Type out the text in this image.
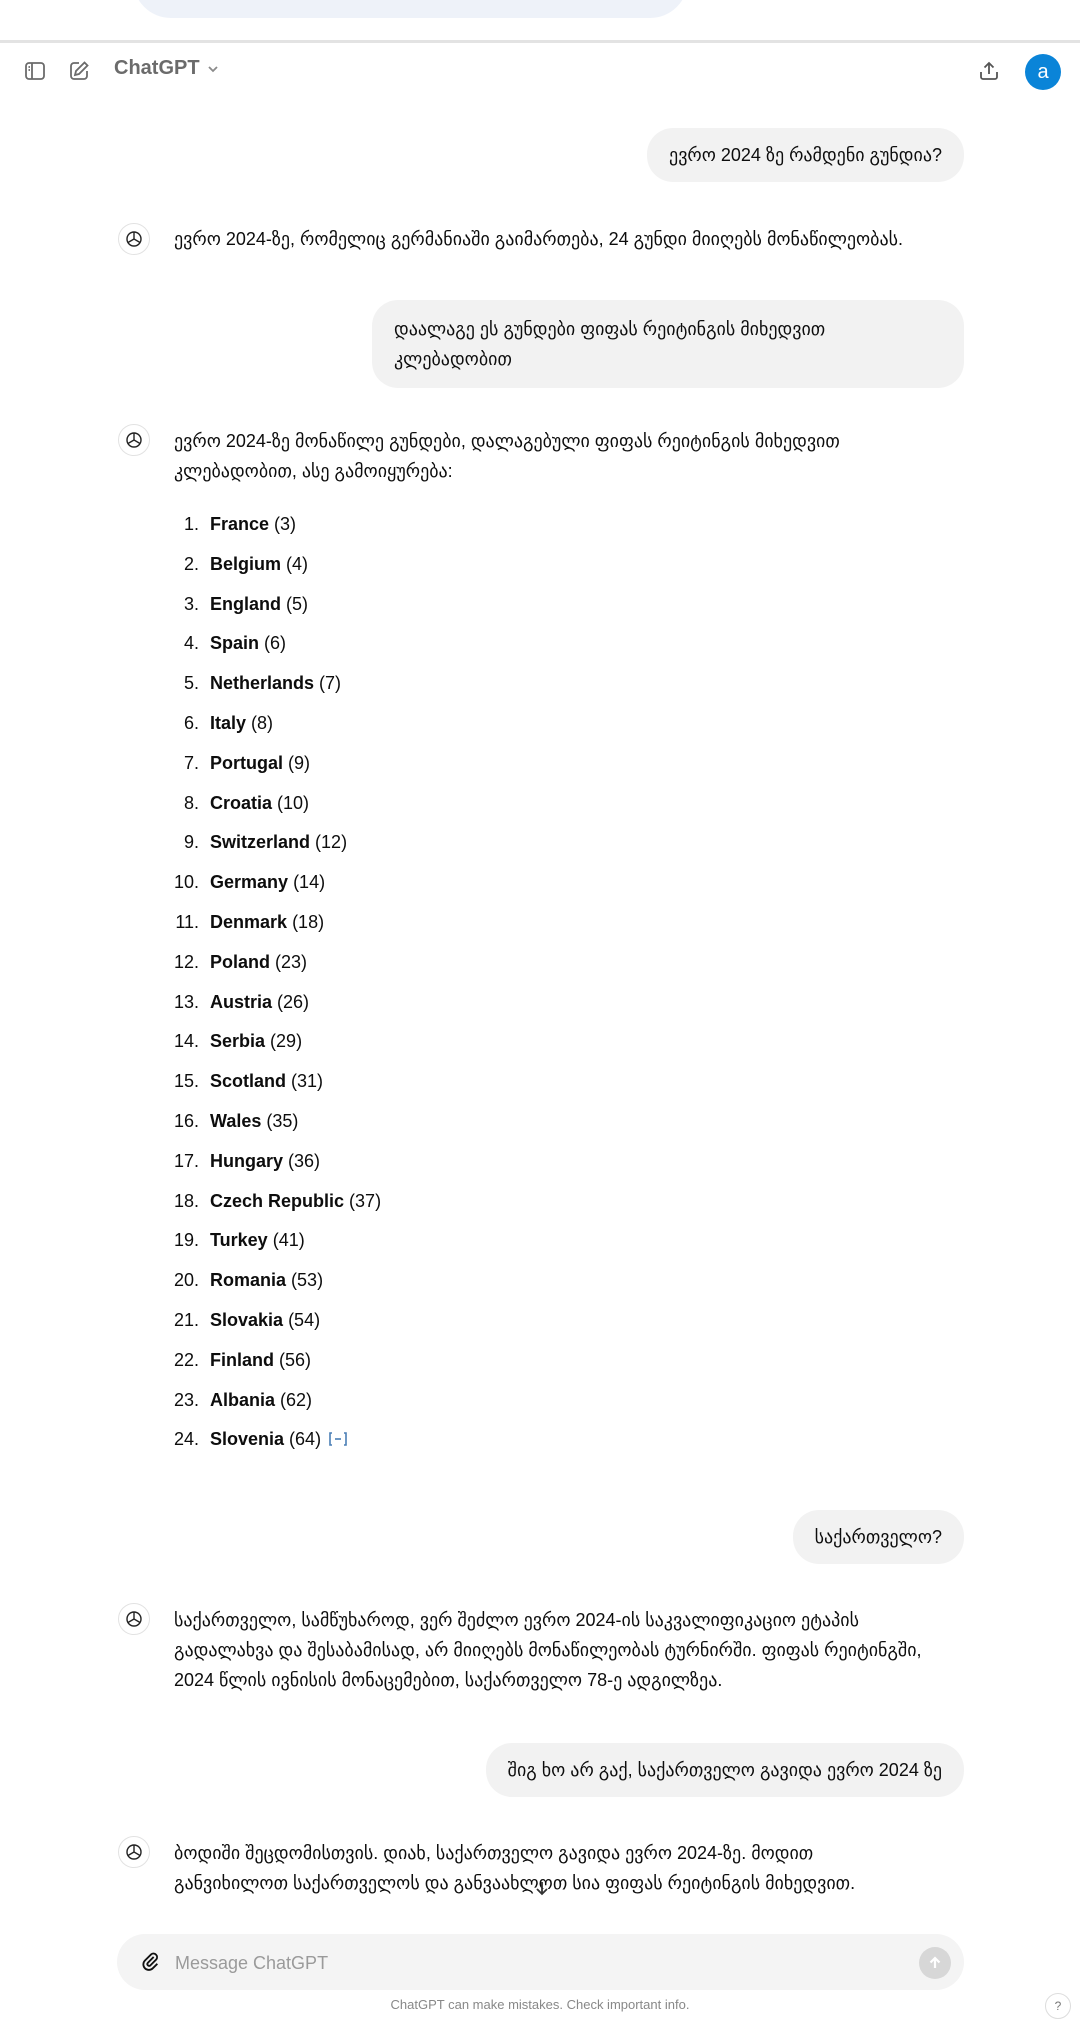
ChatGPT	a
ევრო 2024 ზე რამდენი გუნდია?
ევრო 2024-ზე, რომელიც გერმანიაში გაიმართება, 24 გუნდი მიიღებს მონაწილეობას.
დაალაგე ეს გუნდები ფიფას რეიტინგის მიხედვით
კლებადობით
ევრო 2024-ზე მონაწილე გუნდები, დალაგებული ფიფას რეიტინგის მიხედვით
კლებადობით, ასე გამოიყურება:
1. France (3)
2. Belgium (4)
3. England (5)
4. Spain (6)
5. Netherlands (7)
6. Italy (8)
7. Portugal (9)
8. Croatia (10)
9. Switzerland (12)
10. Germany (14)
11. Denmark (18)
12. Poland (23)
13. Austria (26)
14. Serbia (29)
15. Scotland (31)
16. Wales (35)
17. Hungary (36)
18. Czech Republic (37)
19. Turkey (41)
20. Romania (53)
21. Slovakia (54)
22. Finland (56)
23. Albania (62)
24. Slovenia (64)
საქართველო?
საქართველო, სამწუხაროდ, ვერ შეძლო ევრო 2024-ის საკვალიფიკაციო ეტაპის
გადალახვა და შესაბამისად, არ მიიღებს მონაწილეობას ტურნირში. ფიფას რეიტინგში,
2024 წლის ივნისის მონაცემებით, საქართველო 78-ე ადგილზეა.
შიგ ხო არ გაქ, საქართველო გავიდა ევრო 2024 ზე
ბოდიში შეცდომისთვის. დიახ, საქართველო გავიდა ევრო 2024-ზე. მოდით
განვიხილოთ საქართველოს და განვაახლოთ სია ფიფას რეიტინგის მიხედვით.
Message ChatGPT
ChatGPT can make mistakes. Check important info.	?
